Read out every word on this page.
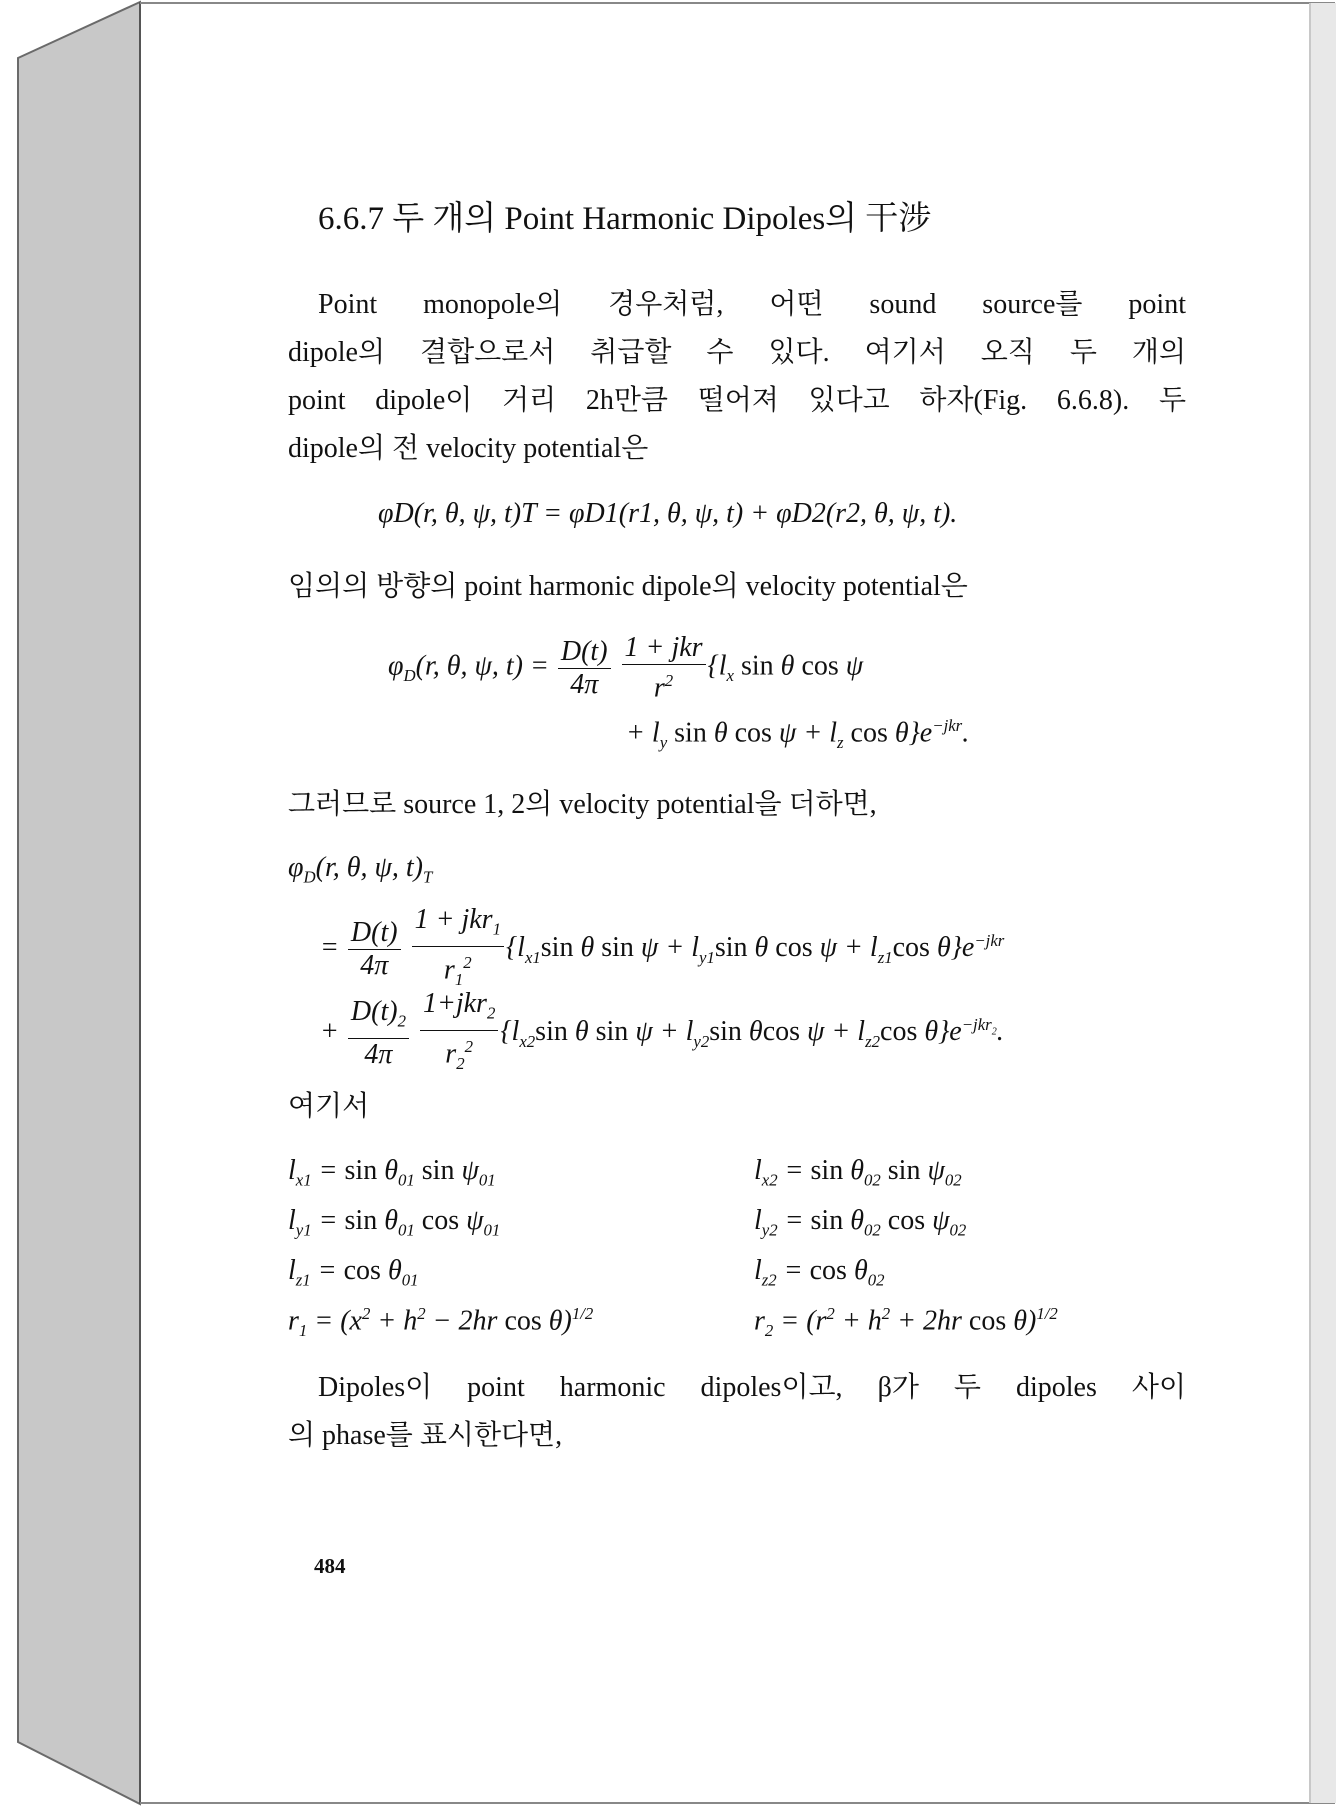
6.6.7 두 개의 Point Harmonic Dipoles의 干涉
Point monopole의 경우처럼, 어떤 sound source를 point
dipole의 결합으로서 취급할 수 있다. 여기서 오직 두 개의
point dipole이 거리 2h만큼 떨어져 있다고 하자(Fig. 6.6.8). 두
dipole의 전 velocity potential은
φD(r, θ, ψ, t)T = φD1(r1, θ, ψ, t) + φD2(r2, θ, ψ, t).
임의의 방향의 point harmonic dipole의 velocity potential은
$\varphi_D(r$, θ, ψ, $t) = \frac{D(t)}{4\pi}$
$\frac{\text{1 + jkr}}{r^2} \{l_x$ sin θ cos ψ
+ $l_y$ sin θ $\cos \psi + l_z$ $\cos \theta\}e^{-jkr}$.
그러므로 source 1, 2의 velocity potential을 더하면,
$\varphi_D(r$, θ, ψ, $t)_T$
= $\frac{D(t)}{4\pi}$
$\frac{1 + jkr_1}{r_1^2} \{l_{x1}\sin$ θ $\sin \psi + l_{y1}\sin$ θ $\cos \psi + l_{z1}\cos$ $\theta\}e^{-jkr}$
+ $\frac{D(t)_2}{4\pi}$
$\frac{1+jkr_2}{r_2^2} \{l_{x2}\sin$ θ $\sin \psi + l_{y2}\sin$ θcos $\psi + l_{z2}\cos$ $\theta\}e^{-jkr_2}$.
여기서
$l_{x1} = \sin \theta_{01}$ $\sin \psi_{01}$	$l_{x2} = \sin \theta_{02}$ $\sin \psi_{02}$
$l_{y1} = \sin \theta_{01}$ $\cos \psi_{01}$	$l_{y2} = \sin \theta_{02}$ $\cos \psi_{02}$
$l_{z1} = \cos \theta_{01}$	$l_{z2} = \cos \theta_{02}$
$r_1 = (x^2 + h^2 - 2hr$ cos θ)$^{1/2}$	$r_2 = (r^2 + h^2 + 2hr$ cos θ)$^{1/2}$
Dipoles이 point harmonic dipoles이고, β가 두 dipoles 사이
의 phase를 표시한다면,
484
